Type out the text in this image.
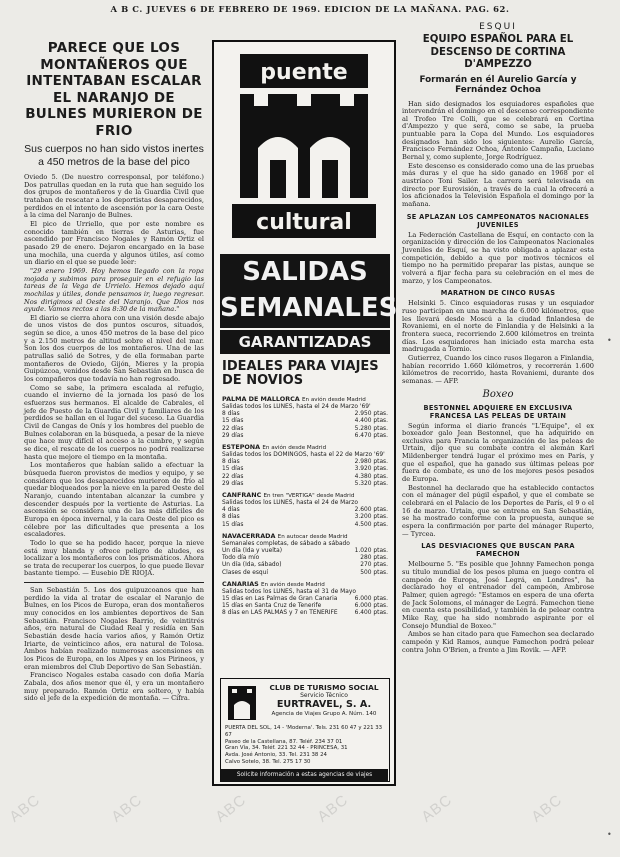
A B C. JUEVES 6 DE FEBRERO DE 1969. EDICION DE LA MAÑANA. PAG. 62.
PARECE QUE LOS MONTAÑEROS QUE INTENTABAN ESCALAR EL NARANJO DE BULNES MURIERON DE FRIO
Sus cuerpos no han sido vistos inertes a 450 metros de la base del pico

Oviedo 5. (De nuestro corresponsal, por teléfono.) Dos patrullas quedan en la ruta que han seguido los dos grupos de montañeros y de la Guardia Civil que trataban de rescatar a los deportistas desaparecidos, perdidos en el intento de ascensión por la cara Oeste a la cima del Naranjo de Bulnes.

El pico de Urriello, que por este nombre es conocido también en tierras de Asturias, fue ascendido por Francisco Nogales y Ramón Ortiz el pasado 29 de enero. Dejaron encargado en la base una mochila, una cuerda y algunos útiles, así como un diario en el que se puede leer:

"29 enero 1969. Hoy hemos llegado con la ropa mojada y subimos para proseguir en el refugio las tareas de la Vega de Urrielo. Hemos dejado aquí mochilas y útiles, donde pensamos ir, luego regresar. Nos dirigimos al Oeste del Naranjo. Que Dios nos ayude. Vamos rectos a las 8:30 de la mañana."

El diario se cierra ahora con una visión desde abajo de unos vistos de dos puntos oscuros, situados, según se dice, a unos 450 metros de la base del pico y a 2.150 metros de altitud sobre el nivel del mar. Son los dos cuerpos de los montañeros. Una de las patrullas salió de Sotres, y de ella formaban parte montañeros de Oviedo, Gijón, Mieres y la propia Guipúzcoa, venidos desde San Sebastián en busca de los compañeros que todavía no han regresado.

Como se sabe, la primera escalada al refugio, cuando el invierno de la jornada los pasó de los esfuerzos sus hermanos. El alcalde de Cabrales, el jefe de Puesto de la Guardia Civil y familiares de los perdidos se hallan en el lugar del suceso. La Guardia Civil de Cangas de Onís y los hombres del pueblo de Bulnes colaboran en la búsqueda, a pesar de la nieve que hace muy difícil el acceso a la cumbre, y según se dice, el rescate de los cuerpos no podrá realizarse hasta que mejore el tiempo en la montaña.

Los montañeros que habían salido a efectuar la búsqueda fueron provistos de medios y equipo, y se considera que los desaparecidos murieron de frío al quedar bloqueados por la nieve en la pared Oeste del Naranjo, cuando intentaban alcanzar la cumbre y descender después por la vertiente de Asturias. La ascensión se considera una de las más difíciles de Europa en época invernal, y la cara Oeste del pico es célebre por las dificultades que presenta a los escaladores.

Todo lo que se ha podido hacer, porque la nieve está muy blanda y ofrece peligro de aludes, es localizar a los montañeros con los prismáticos. Ahora se trata de recuperar los cuerpos, lo que puede llevar bastante tiempo. — Eusebio DE RIOJA.

San Sebastián 5. Los dos guipuzcoanos que han perdido la vida al tratar de escalar el Naranjo de Bulnes, en los Picos de Europa, eran dos montañeros muy conocidos en los ambientes deportivos de San Sebastián. Francisco Nogales Barrio, de veintitrés años, era natural de Ciudad Real y residía en San Sebastián desde hacía varios años, y Ramón Ortiz Iriarte, de veinticinco años, era natural de Tolosa. Ambos habían realizado numerosas ascensiones en los Picos de Europa, en los Alpes y en los Pirineos, y eran miembros del Club Deportivo de San Sebastián.

Francisco Nogales estaba casado con doña María Zabala, dos años menor que él, y era un montañero muy preparado. Ramón Ortiz era soltero, y había sido el jefe de la expedición de montaña. — Cifra.

puente
cultural
SALIDAS
SEMANALES
GARANTIZADAS
IDEALES PARA VIAJES DE NOVIOS
PALMA DE MALLORCA En avión desde Madrid
Salidas todos los LUNES, hasta el 24 de Marzo '69'
8 días	2.950 ptas.
15 días	4.400 ptas.
22 días	5.280 ptas.
29 días	6.470 ptas.
ESTEPONA En avión desde Madrid
Salidas todos los DOMINGOS, hasta el 22 de Marzo '69'
8 días	2.980 ptas.
15 días	3.920 ptas.
22 días	4.380 ptas.
29 días	5.320 ptas.
CANFRANC En tren "VERTIGA" desde Madrid
Salidas todos los LUNES, hasta el 24 de Marzo
4 días	2.600 ptas.
8 días	3.200 ptas.
15 días	4.500 ptas.
NAVACERRADA En autocar desde Madrid
Semanales completas, de sábado a sábado
Un día (Ida y vuelta)	1.020 ptas.
Todo día mío	280 ptas.
Un día (Ida, sábado)	270 ptas.
Clases de esquí	500 ptas.
CANARIAS En avión desde Madrid
Salidas todos los LUNES, hasta el 31 de Mayo
15 días en Las Palmas de Gran Canaria	6.000 ptas.
15 días en Santa Cruz de Tenerife	6.000 ptas.
8 días en LAS PALMAS y 7 en TENERIFE	6.400 ptas.
CLUB DE TURISMO SOCIAL
Servicio Técnico
EURTRAVEL, S. A.
Agencia de Viajes Grupo A. Núm. 140
PUERTA DEL SOL, 14 - 'Moderna'. Tels. 231 60 47 y 221 33 67
Paseo de la Castellana, 87. Teléf. 234 37 01
Gran Vía, 34. Teléf. 221 32 44 - PRINCESA, 31
Avda. José Antonio, 33. Tel. 231 38 24
Calvo Sotelo, 38. Tel. 275 17 30
Solicite información a estas agencias de viajes
ESQUI
EQUIPO ESPAÑOL PARA EL DESCENSO DE CORTINA D'AMPEZZO
Formarán en él Aurelio García y Fernández Ochoa

Han sido designados los esquiadores españoles que intervendrán el domingo en el descenso correspondiente al Trofeo Tre Colli, que se celebrará en Cortina d'Ampezzo y que será, como se sabe, la prueba puntuable para la Copa del Mundo. Los esquiadores designados han sido los siguientes: Aurelio García, Francisco Fernández Ochoa, Antonio Campaña, Luciano Bernal y, como suplente, Jorge Rodríguez.

Este descenso es considerado como una de las pruebas más duras y el que ha sido ganado en 1968 por el austríaco Toni Sailer. La carrera será televisada en directo por Eurovisión, a través de la cual la ofrecerá a los aficionados la Televisión Española el domingo por la mañana.

SE APLAZAN LOS CAMPEONATOS NACIONALES JUVENILES

La Federación Castellana de Esquí, en contacto con la organización y dirección de los Campeonatos Nacionales Juveniles de Esquí, se ha visto obligada a aplazar esta competición, debido a que por motivos técnicos el tiempo no ha permitido preparar las pistas, aunque se volverá a fijar fecha para su celebración en el mes de marzo, y los Campeonatos.

MARATHON DE CINCO RUSAS

Helsinki 5. Cinco esquiadoras rusas y un esquiador ruso participan en una marcha de 6.000 kilómetros, que les llevará desde Moscú a la ciudad finlandesa de Rovaniemi, en el norte de Finlandia y de Helsinki a la frontera sueca, recorriendo 2.600 kilómetros en treinta días. Los esquiadores han iniciado esta marcha esta madrugada a Tornio.

Gutierrez, Cuando los cinco rusos llegaron a Finlandia, habían recorrido 1.660 kilómetros, y recorrerán 1.600 kilómetros de recorrido, hasta Rovaniemi, durante dos semanas. — AFP.

Boxeo
BESTONNEL ADQUIERE EN EXCLUSIVA FRANCESA LAS PELEAS DE URTAIN

Según informa el diario francés "L'Equipe", el ex boxeador galo Jean Bestonnel, que ha adquirido en exclusiva para Francia la organización de las peleas de Urtain, dijo que su combate contra el alemán Karl Mildenberger tendrá lugar el próximo mes en París, y que el español, que ha ganado sus últimas peleas por fuera de combate, es uno de los mejores pesos pesados de Europa.

Bestonnel ha declarado que ha establecido contactos con el mánager del púgil español, y que el combate se celebrará en el Palacio de los Deportes de París, el 9 o el 16 de marzo. Urtain, que se entrena en San Sebastián, se ha mostrado conforme con la propuesta, aunque se espera la confirmación por parte del mánager Ruperto, — Tyrcea.

LAS DESVIACIONES QUE BUSCAN PARA FAMECHON

Melbourne 5. "Es posible que Johnny Famechon ponga su título mundial de los pesos pluma en juego contra el campeón de Europa, José Legrá, en Londres", ha declarado hoy el entrenador del campeón, Ambrose Palmer, quien agregó: "Estamos en espera de una oferta de Jack Solomons, el mánager de Legrá. Famechon tiene en cuenta esta posibilidad, y también la de pelear contra Mike Ray, que ha sido nombrado aspirante por el Consejo Mundial de Boxeo."

Ambos se han citado para que Famechon sea declarado campeón y Kid Ramos, aunque Famechon podrá pelear contra John O'Brien, a frente a Jim Rovik. — AFP.

ABC	ABC	ABC	ABC	ABC	ABC
•
•
